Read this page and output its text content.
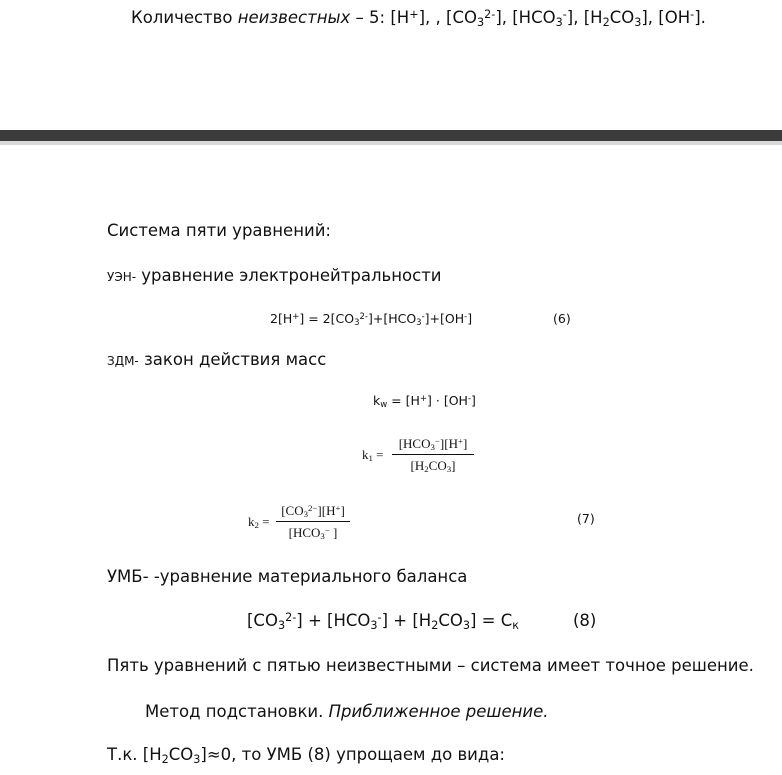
Количество неизвестных – 5: [H+], , $[CO_3^{2-}]$, $[HCO_3^-]$, $[H_2CO_3]$, [OH-].
Система пяти уравнений:
УЭН- уравнение электронейтральности
$2[H^+] = 2[CO_3^{2-}]+[HCO_3^-]+[OH^-]$	(6)
ЗДМ- закон действия масс
$k_w = [H^+] \cdot [OH^-]$
$k_1$ =
$[HCO_3^-][H^+]$
$[H_2CO_3]$
$k_2$ =
$[CO_3^{2-}][H^+]$
[$HCO_3^-$ ]
(7)
УМБ- -уравнение материального баланса
$[CO_3^{2-}] + [HCO_3^-] + [H_2CO_3] = C_к$	(8)
Пять уравнений с пятью неизвестными – система имеет точное решение.
Метод подстановки. Приближенное решение.
Т.к. $[H_2CO_3]\approx 0$, то УМБ (8) упрощаем до вида:
